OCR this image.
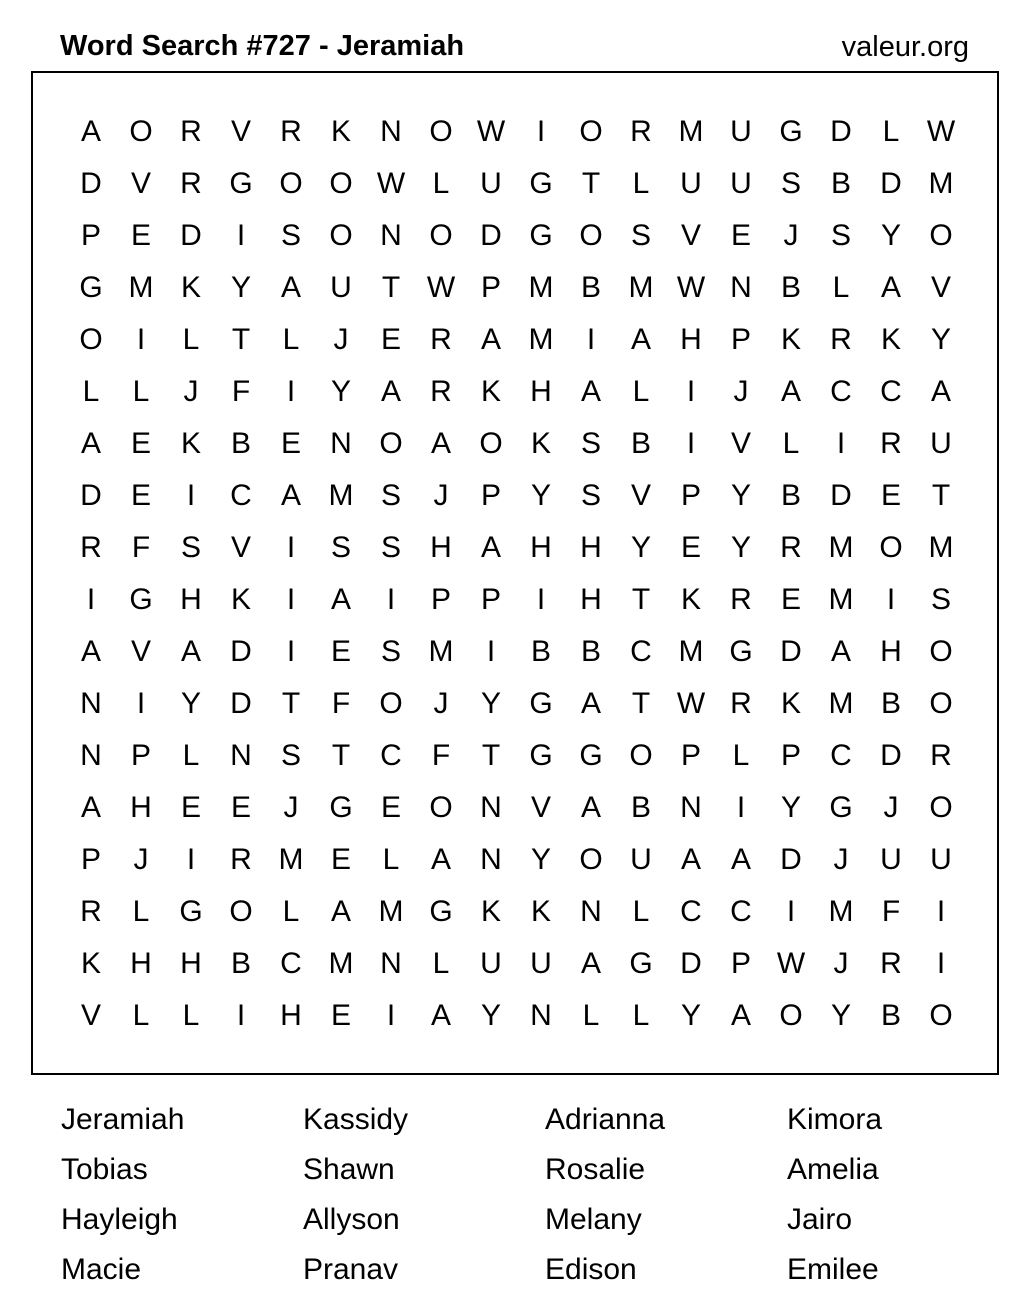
Word Search #727 - Jeramiah	valeur.org
A O R V R K N O W	I	O R M U G D	L W
D V R G O O W L	U G T	L	U U S B D M
P E D	I	S O N O D G O S V E	J	S Y O
G M K Y A U	T W P M B M W N B	L	A V
O	I	L	T	L	J	E R A M	I	A H P K R K Y
L	L	J	F	I	Y A R K H A	L	I	J	A C C A
A E K B E N O A O K S B	I	V	L	I	R U
D E	I	C A M S	J	P Y S V P Y B D E	T
R	F	S V	I	S S H A H H Y E Y R M O M
I	G H K	I	A	I	P P	I	H	T	K R E M	I	S
A V A D	I	E S M	I	B B C M G D A H O
N	I	Y D	T	F O	J	Y G A	T W R K M B O
N P	L	N S	T	C	F	T G G O P	L	P C D R
A H E E	J	G E O N V A B N	I	Y G	J	O
P	J	I	R M E	L	A N Y O U A A D	J	U U
R	L G O L	A M G K K N	L	C C	I	M F	I
K H H B C M N	L	U U A G D P W J	R	I
V	L	L	I	H E	I	A Y N	L	L	Y A O Y B O
Jeramiah	Kassidy	Adrianna	Kimora
Tobias	Shawn	Rosalie	Amelia
Hayleigh	Allyson	Melany	Jairo
Macie	Pranav	Edison	Emilee
